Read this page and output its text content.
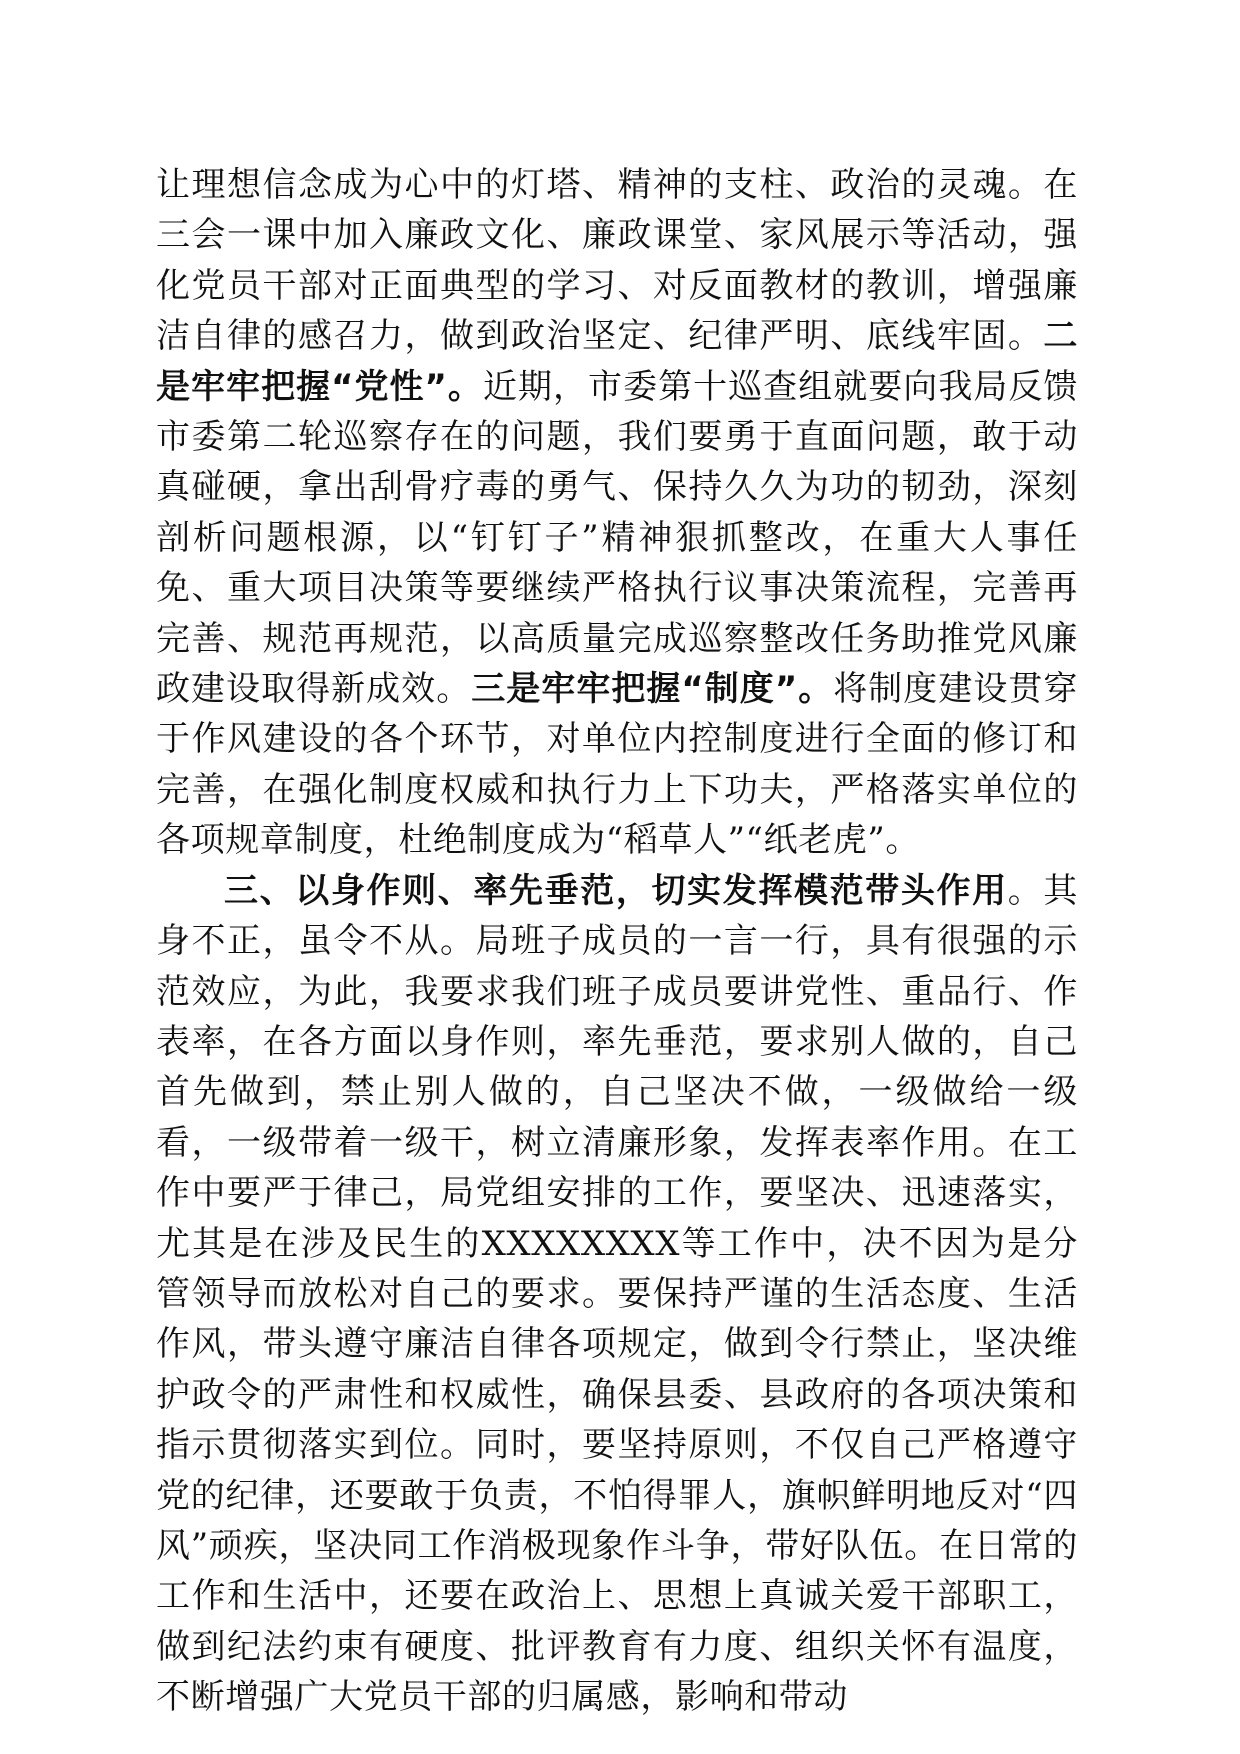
让理想信念成为心中的灯塔、精神的支柱、政治的灵魂。在三会一课中加入廉政文化、廉政课堂、家风展示等活动，强化党员干部对正面典型的学习、对反面教材的教训，增强廉洁自律的感召力，做到政治坚定、纪律严明、底线牢固。二是牢牢把握“党性”。近期，市委第十巡查组就要向我局反馈市委第二轮巡察存在的问题，我们要勇于直面问题，敢于动真碰硬，拿出刮骨疗毒的勇气、保持久久为功的韧劲，深刻剖析问题根源，以“钉钉子”精神狠抓整改，在重大人事任免、重大项目决策等要继续严格执行议事决策流程，完善再完善、规范再规范，以高质量完成巡察整改任务助推党风廉政建设取得新成效。三是牢牢把握“制度”。将制度建设贯穿于作风建设的各个环节，对单位内控制度进行全面的修订和完善，在强化制度权威和执行力上下功夫，严格落实单位的各项规章制度，杜绝制度成为“稻草人”“纸老虎”。

三、以身作则、率先垂范，切实发挥模范带头作用。其身不正，虽令不从。局班子成员的一言一行，具有很强的示范效应，为此，我要求我们班子成员要讲党性、重品行、作表率，在各方面以身作则，率先垂范，要求别人做的，自己首先做到，禁止别人做的，自己坚决不做，一级做给一级看，一级带着一级干，树立清廉形象，发挥表率作用。在工作中要严于律己，局党组安排的工作，要坚决、迅速落实，尤其是在涉及民生的XXXXXXXX等工作中，决不因为是分管领导而放松对自己的要求。要保持严谨的生活态度、生活作风，带头遵守廉洁自律各项规定，做到令行禁止，坚决维护政令的严肃性和权威性，确保县委、县政府的各项决策和指示贯彻落实到位。同时，要坚持原则，不仅自己严格遵守党的纪律，还要敢于负责，不怕得罪人，旗帜鲜明地反对“四风”顽疾，坚决同工作消极现象作斗争，带好队伍。在日常的工作和生活中，还要在政治上、思想上真诚关爱干部职工，做到纪法约束有硬度、批评教育有力度、组织关怀有温度，不断增强广大党员干部的归属感，影响和带动
